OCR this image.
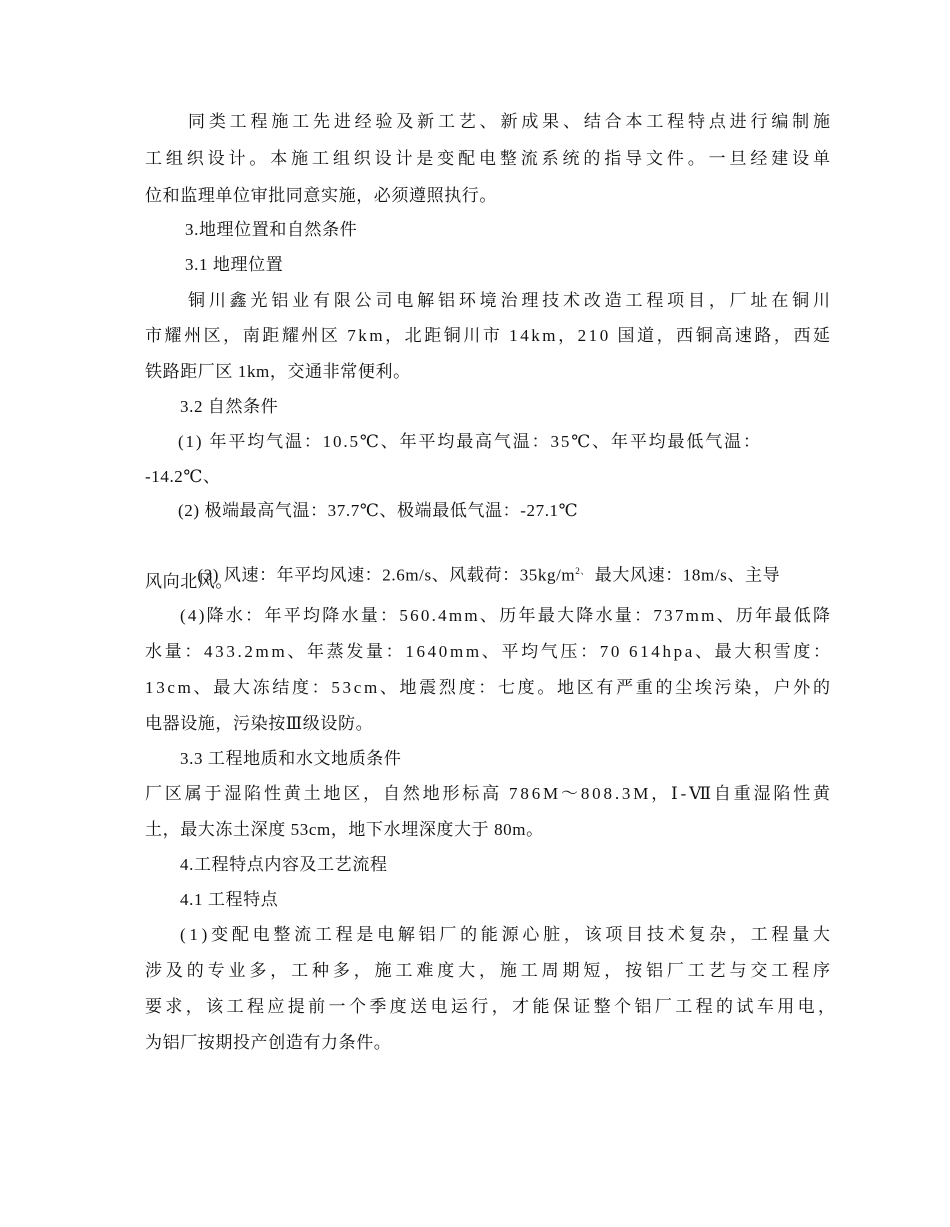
同类工程施工先进经验及新工艺、新成果、结合本工程特点进行编制施
工组织设计。本施工组织设计是变配电整流系统的指导文件。一旦经建设单
位和监理单位审批同意实施，必须遵照执行。
3.地理位置和自然条件
3.1 地理位置
铜川鑫光铝业有限公司电解铝环境治理技术改造工程项目，厂址在铜川
市耀州区，南距耀州区 7km，北距铜川市 14km，210 国道，西铜高速路，西延
铁路距厂区 1km，交通非常便利。
3.2 自然条件
(1) 年平均气温：10.5℃、年平均最高气温：35℃、年平均最低气温：
-14.2℃、
(2) 极端最高气温：37.7℃、极端最低气温：-27.1℃

(3) 风速：年平均风速：2.6m/s、风载荷：$35kg/m^{2、}$ 最大风速：18m/s、主导

风向北风。
(4)降水：年平均降水量：560.4mm、历年最大降水量：737mm、历年最低降
水量：433.2mm、年蒸发量：1640mm、平均气压：70 614hpa、最大积雪度：
13cm、最大冻结度：53cm、地震烈度：七度。地区有严重的尘埃污染，户外的
电器设施，污染按Ⅲ级设防。
3.3 工程地质和水文地质条件
厂区属于湿陷性黄土地区，自然地形标高 786M～808.3M，Ⅰ-Ⅶ自重湿陷性黄
土，最大冻土深度 53cm，地下水埋深度大于 80m。
4.工程特点内容及工艺流程
4.1 工程特点
(1)变配电整流工程是电解铝厂的能源心脏，该项目技术复杂，工程量大
涉及的专业多，工种多，施工难度大，施工周期短，按铝厂工艺与交工程序
要求，该工程应提前一个季度送电运行，才能保证整个铝厂工程的试车用电，
为铝厂按期投产创造有力条件。
